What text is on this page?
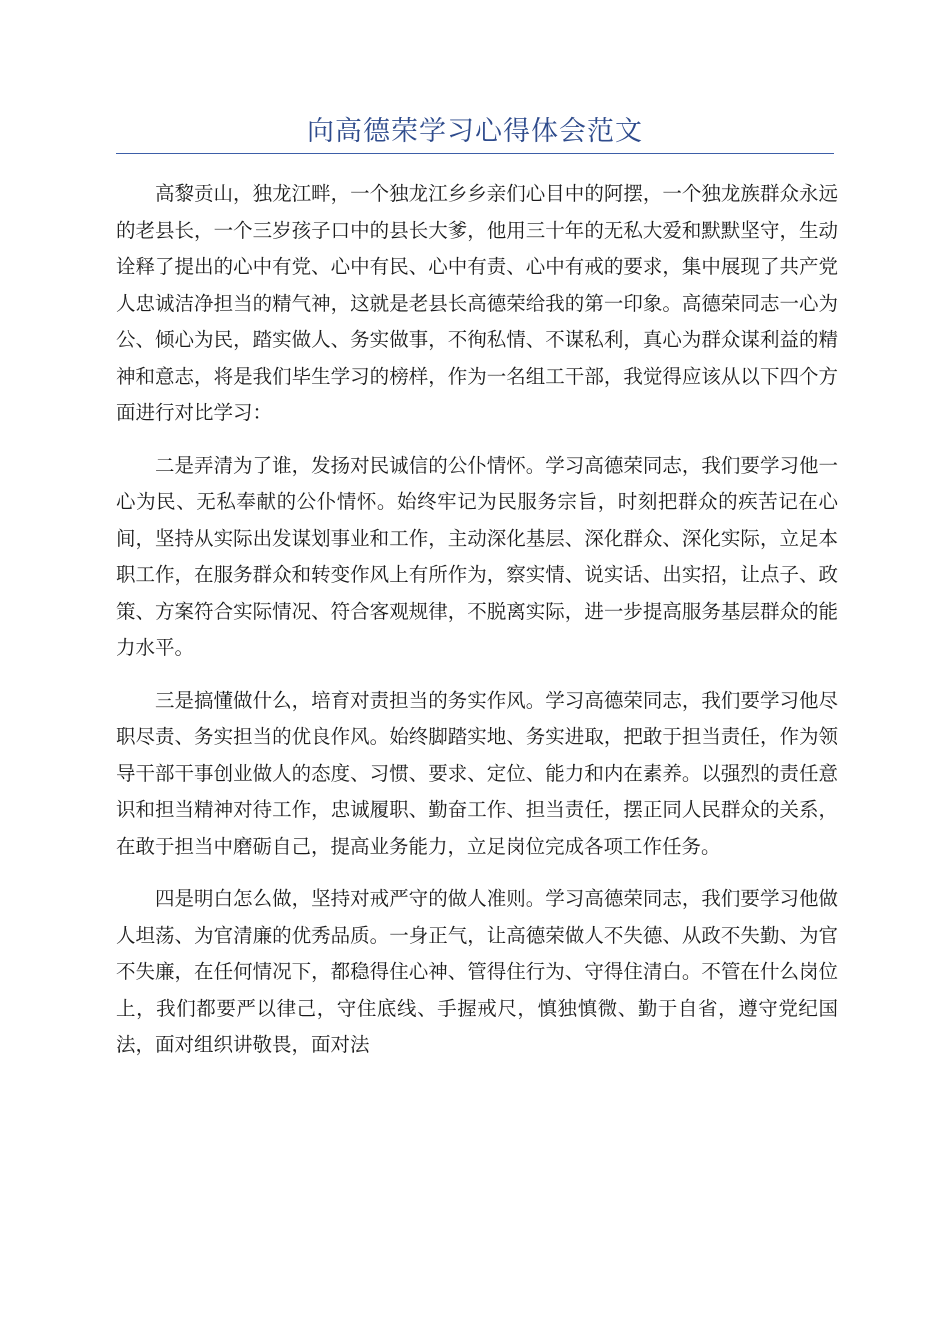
向高德荣学习心得体会范文

高黎贡山，独龙江畔，一个独龙江乡乡亲们心目中的阿摆，一个独龙族群众永远的老县长，一个三岁孩子口中的县长大爹，他用三十年的无私大爱和默默坚守，生动诠释了提出的心中有党、心中有民、心中有责、心中有戒的要求，集中展现了共产党人忠诚洁净担当的精气神，这就是老县长高德荣给我的第一印象。高德荣同志一心为公、倾心为民，踏实做人、务实做事，不徇私情、不谋私利，真心为群众谋利益的精神和意志，将是我们毕生学习的榜样，作为一名组工干部，我觉得应该从以下四个方面进行对比学习：

二是弄清为了谁，发扬对民诚信的公仆情怀。学习高德荣同志，我们要学习他一心为民、无私奉献的公仆情怀。始终牢记为民服务宗旨，时刻把群众的疾苦记在心间，坚持从实际出发谋划事业和工作，主动深化基层、深化群众、深化实际，立足本职工作，在服务群众和转变作风上有所作为，察实情、说实话、出实招，让点子、政策、方案符合实际情况、符合客观规律，不脱离实际，进一步提高服务基层群众的能力水平。

三是搞懂做什么，培育对责担当的务实作风。学习高德荣同志，我们要学习他尽职尽责、务实担当的优良作风。始终脚踏实地、务实进取，把敢于担当责任，作为领导干部干事创业做人的态度、习惯、要求、定位、能力和内在素养。以强烈的责任意识和担当精神对待工作，忠诚履职、勤奋工作、担当责任，摆正同人民群众的关系，在敢于担当中磨砺自己，提高业务能力，立足岗位完成各项工作任务。

四是明白怎么做，坚持对戒严守的做人准则。学习高德荣同志，我们要学习他做人坦荡、为官清廉的优秀品质。一身正气，让高德荣做人不失德、从政不失勤、为官不失廉，在任何情况下，都稳得住心神、管得住行为、守得住清白。不管在什么岗位上，我们都要严以律己，守住底线、手握戒尺，慎独慎微、勤于自省，遵守党纪国法，面对组织讲敬畏，面对法
